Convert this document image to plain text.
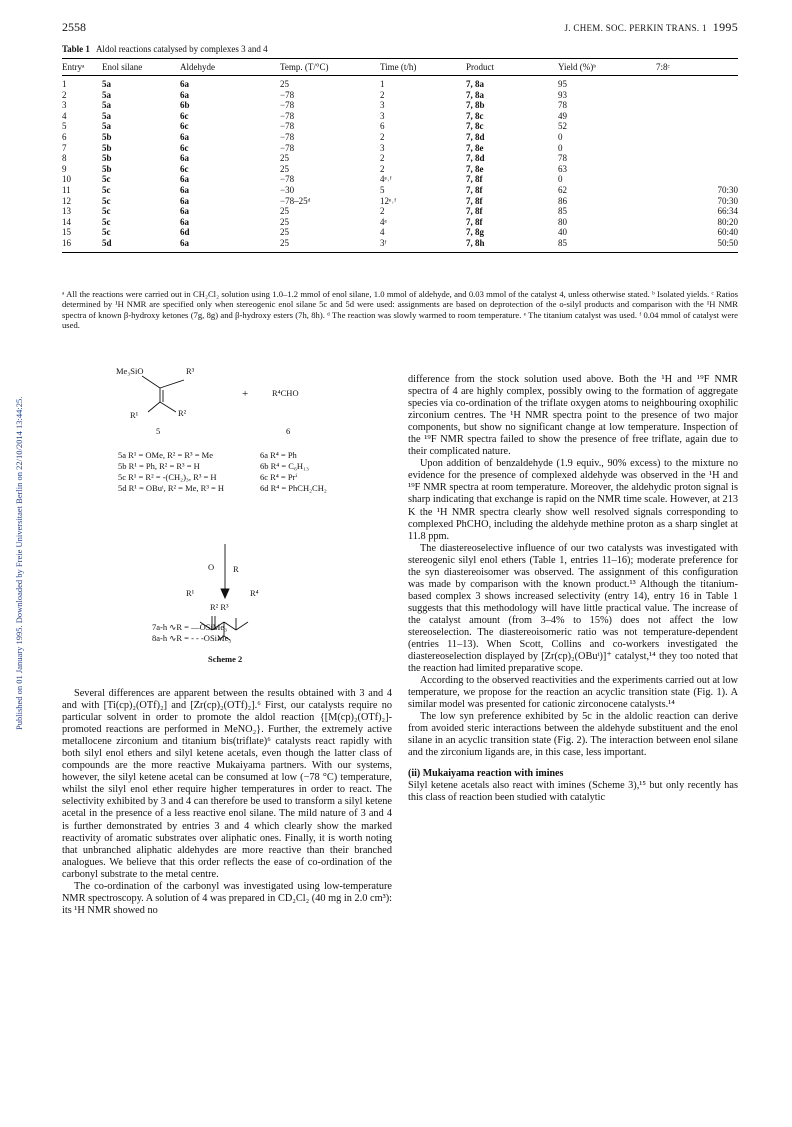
2558	J. CHEM. SOC. PERKIN TRANS. 1 1995
Table 1 Aldol reactions catalysed by complexes 3 and 4
Entryᵃ	Enol silane	Aldehyde	Temp. (T/°C)	Time (t/h)	Product	Yield (%)ᵇ	7:8ᶜ
1	5a	6a	25	1	7, 8a	95	
2	5a	6a	−78	2	7, 8a	93	
3	5a	6b	−78	3	7, 8b	78	
4	5a	6c	−78	3	7, 8c	49	
5	5a	6c	−78	6	7, 8c	52	
6	5b	6a	−78	2	7, 8d	0	
7	5b	6c	−78	3	7, 8e	0	
8	5b	6a	25	2	7, 8d	78	
9	5b	6c	25	2	7, 8e	63	
10	5c	6a	−78	4ᵉ˒ᶠ	7, 8f	0	
11	5c	6a	−30	5	7, 8f	62	70:30
12	5c	6a	−78–25ᵈ	12ᵉ˒ᶠ	7, 8f	86	70:30
13	5c	6a	25	2	7, 8f	85	66:34
14	5c	6a	25	4ᵉ	7, 8f	80	80:20
15	5c	6d	25	4	7, 8g	40	60:40
16	5d	6a	25	3ᶠ	7, 8h	85	50:50
ᵃ All the reactions were carried out in CH₂Cl₂ solution using 1.0–1.2 mmol of enol silane, 1.0 mmol of aldehyde, and 0.03 mmol of the catalyst 4, unless otherwise stated. ᵇ Isolated yields. ᶜ Ratios determined by ¹H NMR are specified only when stereogenic enol silane 5c and 5d were used: assignments are based on deprotection of the o-silyl products and comparison with the ¹H NMR spectra of known β-hydroxy ketones (7g, 8g) and β-hydroxy esters (7h, 8h). ᵈ The reaction was slowly warmed to room temperature. ᵉ The titanium catalyst was used. ᶠ 0.04 mmol of catalyst were used.
Published on 01 January 1995. Downloaded by Freie Universitaet Berlin on 22/10/2014 13:44:25.
Me₃SiO	R³
R¹	R²
5
+	R⁴CHO
6
5a R¹ = OMe, R² = R³ = Me
5b R¹ = Ph, R² = R³ = H
5c R¹ = R² = -(CH₂)₃, R³ = H
5d R¹ = OBuᵗ, R² = Me, R³ = H
6a R⁴ = Ph
6b R⁴ = C₆H₁₃
6c R⁴ = Prⁱ
6d R⁴ = PhCH₂CH₂
O R
R¹	R⁴
R² R³
7a-h ∿R = —OSiMe₃
8a-h ∿R = - - -OSiMe₃
Scheme 2

Several differences are apparent between the results obtained with 3 and 4 and with [Ti(cp)₂(OTf)₂] and [Zr(cp)₂(OTf)₂].⁶ First, our catalysts require no particular solvent in order to promote the aldol reaction {[M(cp)₂(OTf)₂]-promoted reactions are performed in MeNO₂}. Further, the extremely active metallocene zirconium and titanium bis(triflate)⁶ catalysts react rapidly with both silyl enol ethers and silyl ketene acetals, even though the latter class of compounds are the more reactive Mukaiyama partners. With our systems, however, the silyl ketene acetal can be consumed at low (−78 °C) temperature, whilst the silyl enol ether require higher temperatures in order to react. The selectivity exhibited by 3 and 4 can therefore be used to transform a silyl ketene acetal in the presence of a less reactive enol silane. The mild nature of 3 and 4 is further demonstrated by entries 3 and 4 which clearly show the marked reactivity of aromatic substrates over aliphatic ones. Finally, it is worth noting that unbranched aliphatic aldehydes are more reactive than their branched analogues. We believe that this order reflects the ease of co-ordination of the carbonyl substrate to the metal centre.

The co-ordination of the carbonyl was investigated using low-temperature NMR spectroscopy. A solution of 4 was prepared in CD₂Cl₂ (40 mg in 2.0 cm³): its ¹H NMR showed no

difference from the stock solution used above. Both the ¹H and ¹⁹F NMR spectra of 4 are highly complex, possibly owing to the formation of aggregate species via co-ordination of the triflate oxygen atoms to neighbouring oxophilic zirconium centres. The ¹H NMR spectra point to the presence of two major components, but show no significant change at low temperature. Inspection of the ¹⁹F NMR spectra failed to show the presence of free triflate, again due to their complicated nature.

Upon addition of benzaldehyde (1.9 equiv., 90% excess) to the mixture no evidence for the presence of complexed aldehyde was observed in the ¹H and ¹⁹F NMR spectra at room temperature. Moreover, the aldehydic proton signal is sharp indicating that exchange is rapid on the NMR time scale. However, at 213 K the ¹H NMR spectra clearly show well resolved signals corresponding to complexed PhCHO, including the aldehyde methine proton as a sharp singlet at 11.8 ppm.

The diastereoselective influence of our two catalysts was investigated with stereogenic silyl enol ethers (Table 1, entries 11–16); moderate preference for the syn diastereoisomer was observed. The assignment of this configuration was made by comparison with the known product.¹³ Although the titanium-based complex 3 shows increased selectivity (entry 14), entry 16 in Table 1 suggests that this methodology will have little practical value. The increase of the catalyst amount (from 3–4% to 15%) does not affect the low stereoselection. The diastereoisomeric ratio was not temperature-dependent (entries 11–13). When Scott, Collins and co-workers investigated the diastereoselection displayed by [Zr(cp)₂(OBuᵗ)]⁺ catalyst,¹⁴ they too noted that the reaction had limited preparative scope.

According to the observed reactivities and the experiments carried out at low temperature, we propose for the reaction an acyclic transition state (Fig. 1). A similar model was presented for cationic zirconocene catalysts.¹⁴

The low syn preference exhibited by 5c in the aldolic reaction can derive from avoided steric interactions between the aldehyde substituent and the enol silane in an acyclic transition state (Fig. 2). The interaction between enol silane and the zirconium ligands are, in this case, less important.

(ii) Mukaiyama reaction with imines

Silyl ketene acetals also react with imines (Scheme 3),¹⁵ but only recently has this class of reaction been studied with catalytic
